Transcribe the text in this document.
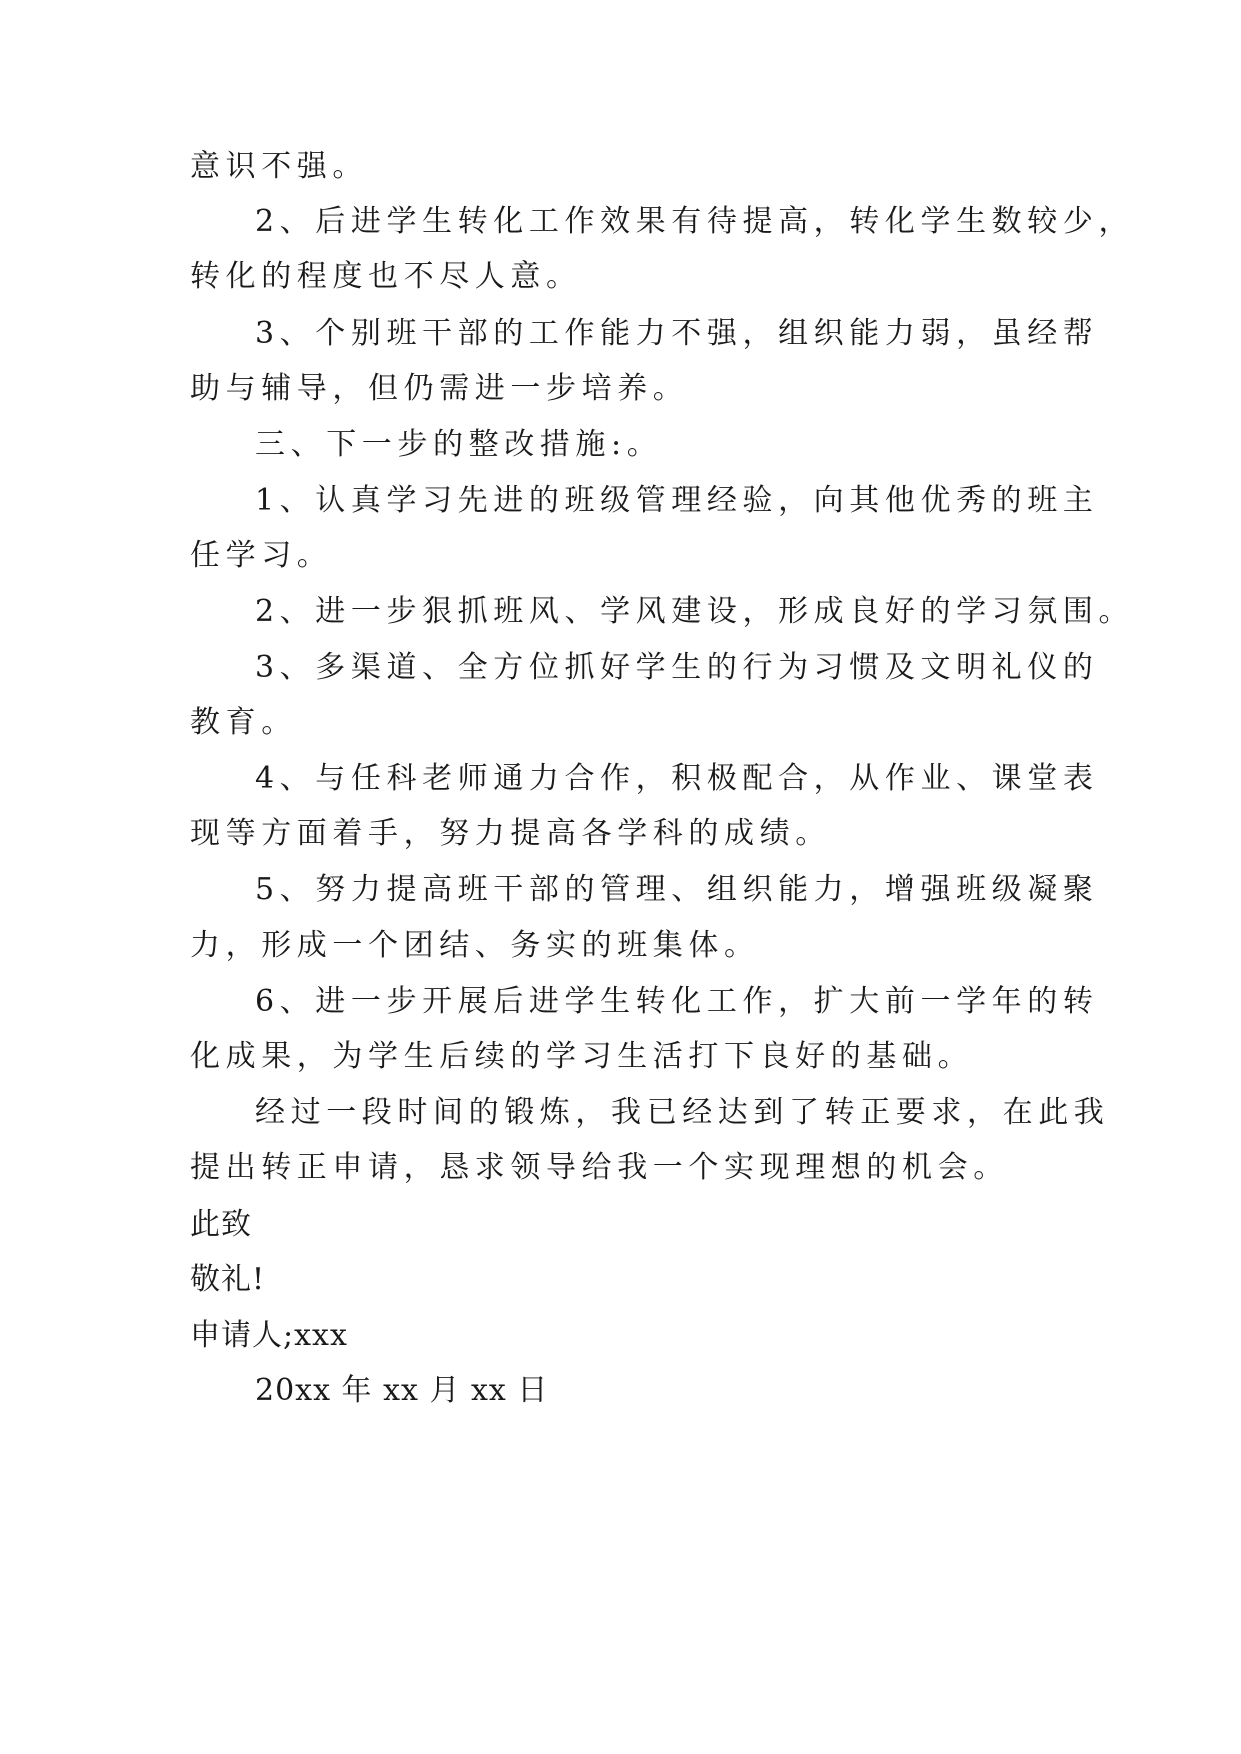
意识不强。
2、后进学生转化工作效果有待提高，转化学生数较少，
转化的程度也不尽人意。
3、个别班干部的工作能力不强，组织能力弱，虽经帮
助与辅导，但仍需进一步培养。
三、下一步的整改措施:。
1、认真学习先进的班级管理经验，向其他优秀的班主
任学习。
2、进一步狠抓班风、学风建设，形成良好的学习氛围。
3、多渠道、全方位抓好学生的行为习惯及文明礼仪的
教育。
4、与任科老师通力合作，积极配合，从作业、课堂表
现等方面着手，努力提高各学科的成绩。
5、努力提高班干部的管理、组织能力，增强班级凝聚
力，形成一个团结、务实的班集体。
6、进一步开展后进学生转化工作，扩大前一学年的转
化成果，为学生后续的学习生活打下良好的基础。
经过一段时间的锻炼，我已经达到了转正要求，在此我
提出转正申请，恳求领导给我一个实现理想的机会。
此致
敬礼!
申请人;xxx
20xx 年 xx 月 xx 日
